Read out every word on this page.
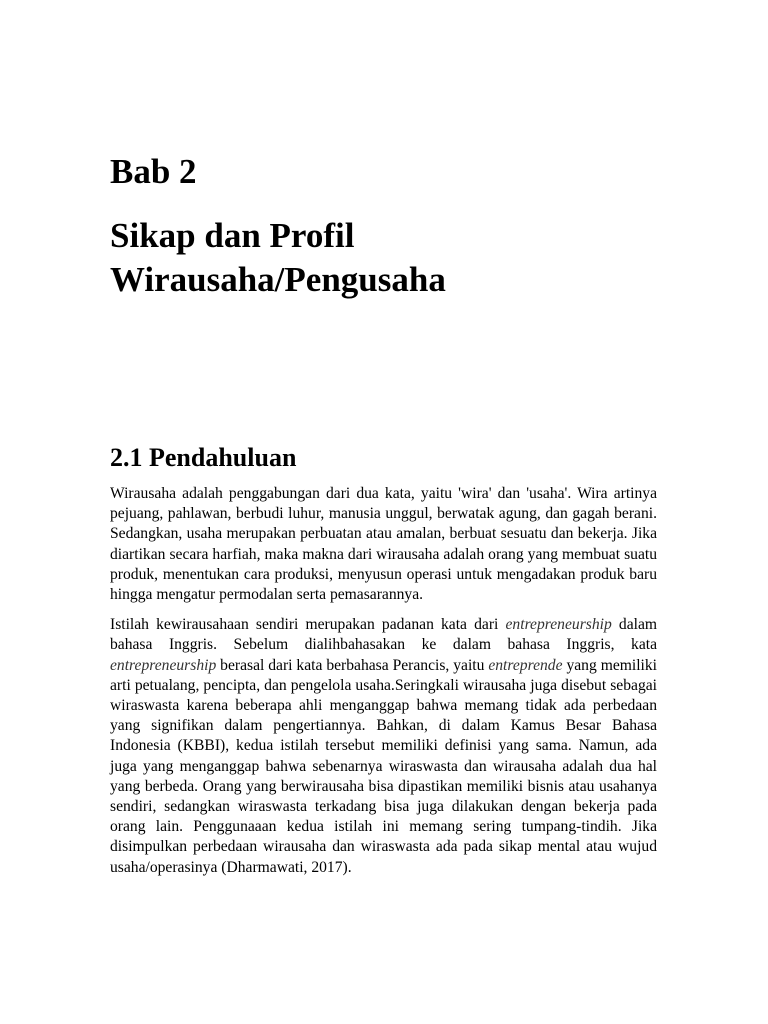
Bab 2
Sikap dan Profil
Wirausaha/Pengusaha
2.1 Pendahuluan

Wirausaha adalah penggabungan dari dua kata, yaitu 'wira' dan 'usaha'. Wira artinya pejuang, pahlawan, berbudi luhur, manusia unggul, berwatak agung, dan gagah berani. Sedangkan, usaha merupakan perbuatan atau amalan, berbuat sesuatu dan bekerja. Jika diartikan secara harfiah, maka makna dari wirausaha adalah orang yang membuat suatu produk, menentukan cara produksi, menyusun operasi untuk mengadakan produk baru hingga mengatur permodalan serta pemasarannya.

Istilah kewirausahaan sendiri merupakan padanan kata dari entrepreneurship dalam bahasa Inggris. Sebelum dialihbahasakan ke dalam bahasa Inggris, kata entrepreneurship berasal dari kata berbahasa Perancis, yaitu entreprende yang memiliki arti petualang, pencipta, dan pengelola usaha.Seringkali wirausaha juga disebut sebagai wiraswasta karena beberapa ahli menganggap bahwa memang tidak ada perbedaan yang signifikan dalam pengertiannya. Bahkan, di dalam Kamus Besar Bahasa Indonesia (KBBI), kedua istilah tersebut memiliki definisi yang sama. Namun, ada juga yang menganggap bahwa sebenarnya wiraswasta dan wirausaha adalah dua hal yang berbeda. Orang yang berwirausaha bisa dipastikan memiliki bisnis atau usahanya sendiri, sedangkan wiraswasta terkadang bisa juga dilakukan dengan bekerja pada orang lain. Penggunaaan kedua istilah ini memang sering tumpang-tindih. Jika disimpulkan perbedaan wirausaha dan wiraswasta ada pada sikap mental atau wujud usaha/operasinya (Dharmawati, 2017).
